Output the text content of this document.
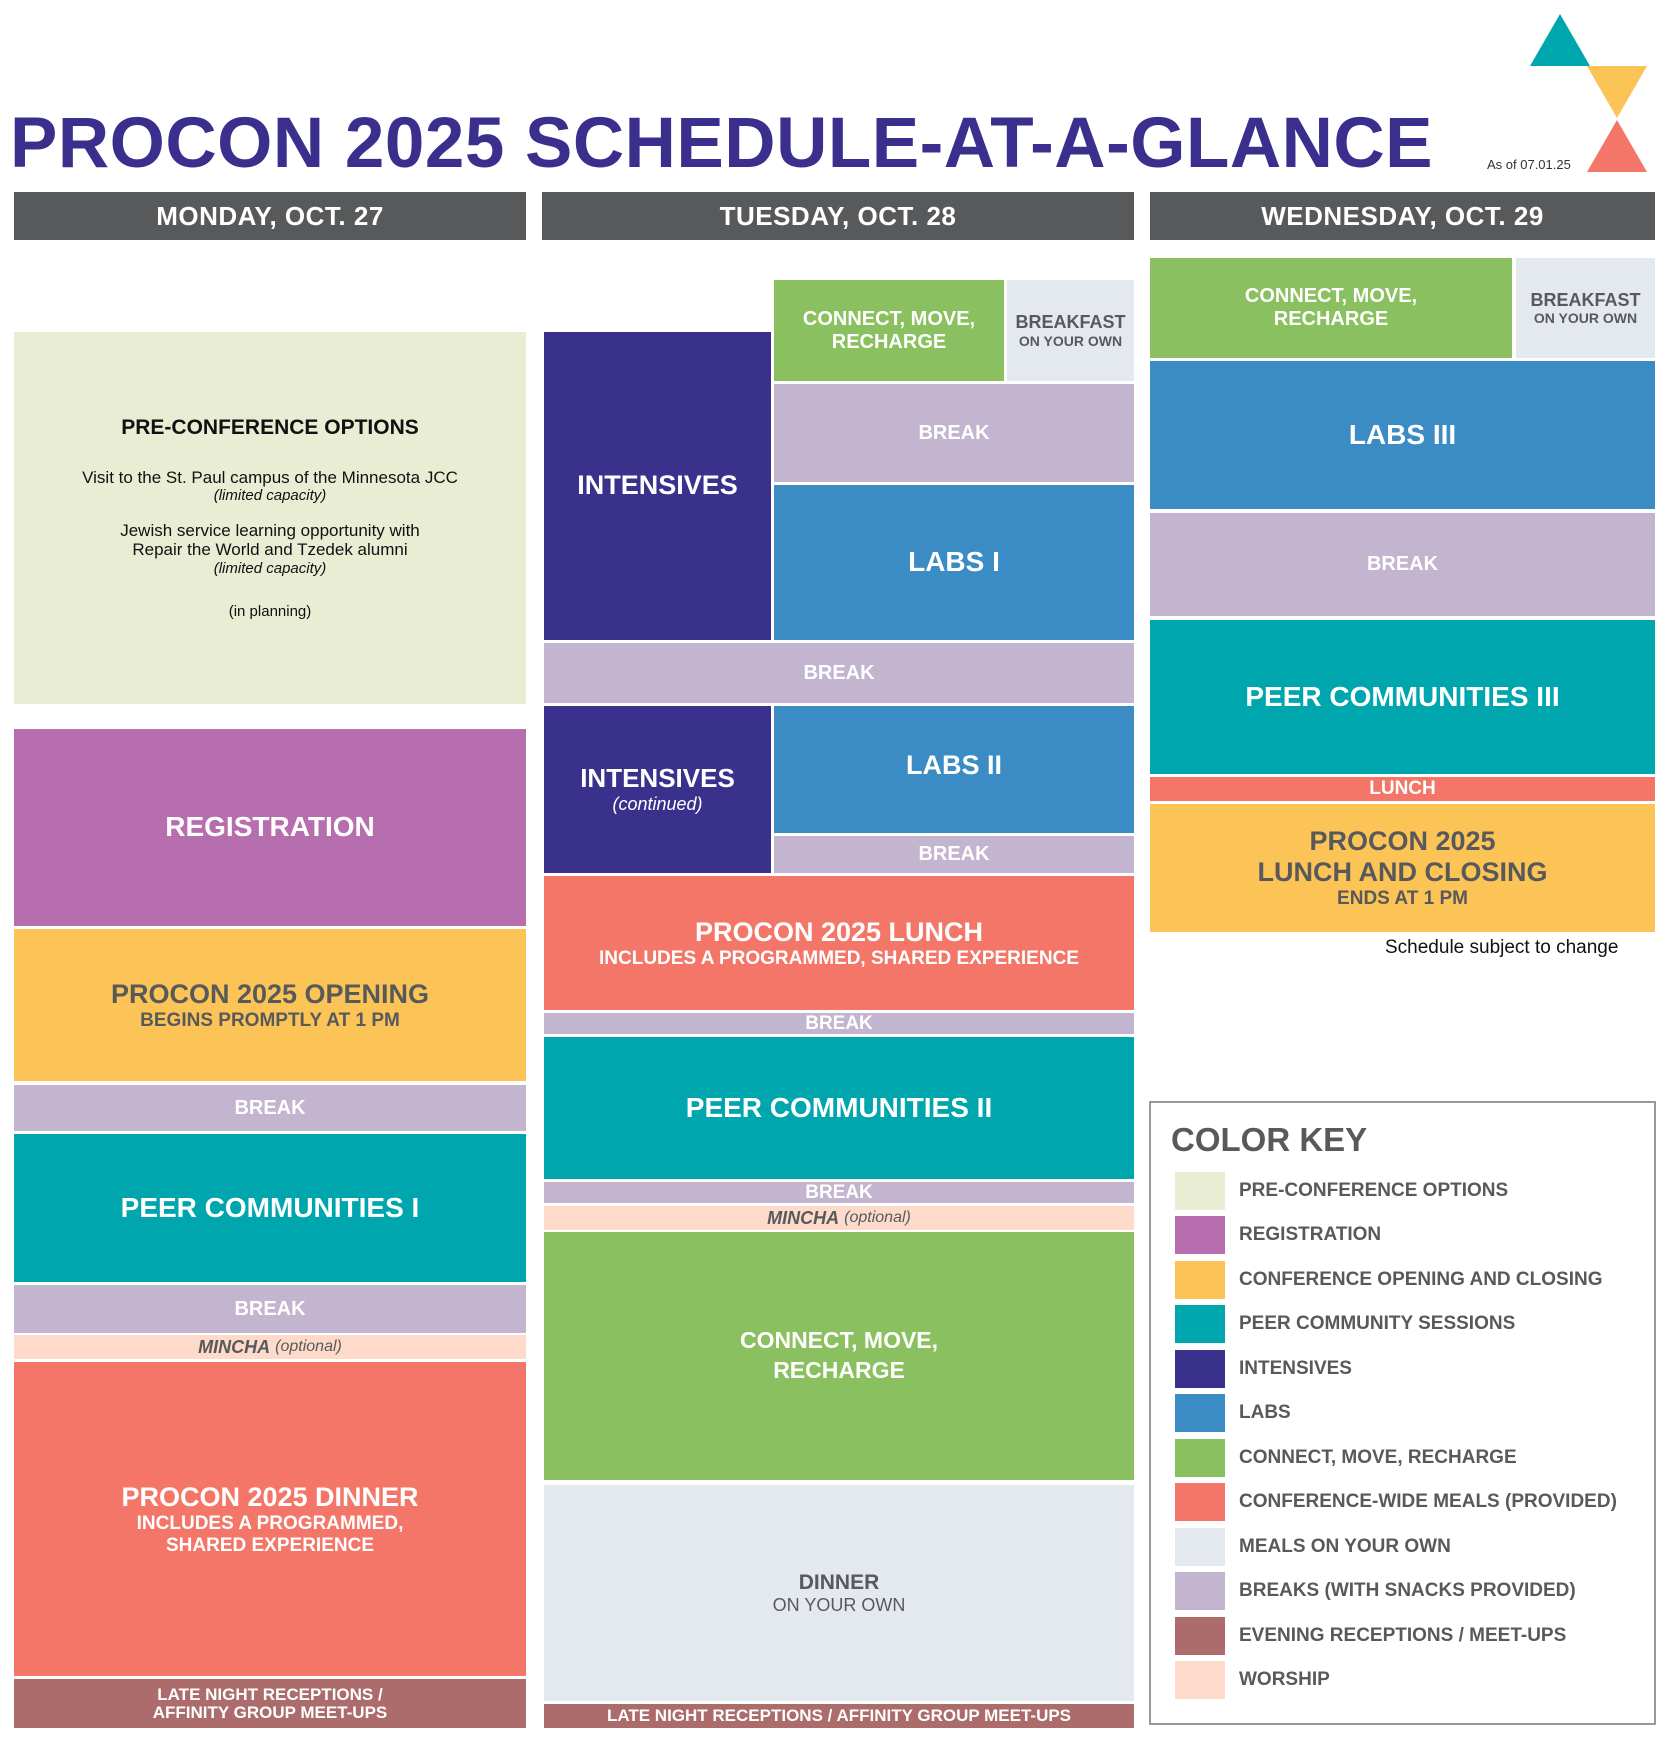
PROCON 2025 SCHEDULE-AT-A-GLANCE	As of 07.01.25
MONDAY, OCT. 27	TUESDAY, OCT. 28	WEDNESDAY, OCT. 29
PRE-CONFERENCE OPTIONS
Visit to the St. Paul campus of the Minnesota JCC
(limited capacity)
Jewish service learning opportunity with
Repair the World and Tzedek alumni
(limited capacity)
(in planning)
REGISTRATION
PROCON 2025 OPENING
BEGINS PROMPTLY AT 1 PM
BREAK
PEER COMMUNITIES I
BREAK
MINCHA
(optional)
PROCON 2025 DINNER
INCLUDES A PROGRAMMED,
SHARED EXPERIENCE
LATE NIGHT RECEPTIONS /
AFFINITY GROUP MEET-UPS
CONNECT, MOVE,
RECHARGE
BREAKFAST
ON YOUR OWN
INTENSIVES
BREAK
LABS I
BREAK
INTENSIVES
(continued)
LABS II
BREAK
PROCON 2025 LUNCH
INCLUDES A PROGRAMMED, SHARED EXPERIENCE
BREAK
PEER COMMUNITIES II
BREAK
MINCHA
(optional)
CONNECT, MOVE,
RECHARGE
DINNER
ON YOUR OWN
LATE NIGHT RECEPTIONS / AFFINITY GROUP MEET-UPS
CONNECT, MOVE,
RECHARGE
BREAKFAST
ON YOUR OWN
LABS III
BREAK
PEER COMMUNITIES III
LUNCH
PROCON 2025
LUNCH AND CLOSING
ENDS AT 1 PM
Schedule subject to change
COLOR KEY
PRE-CONFERENCE OPTIONS
REGISTRATION
CONFERENCE OPENING AND CLOSING
PEER COMMUNITY SESSIONS
INTENSIVES
LABS
CONNECT, MOVE, RECHARGE
CONFERENCE-WIDE MEALS (PROVIDED)
MEALS ON YOUR OWN
BREAKS (WITH SNACKS PROVIDED)
EVENING RECEPTIONS / MEET-UPS
WORSHIP
